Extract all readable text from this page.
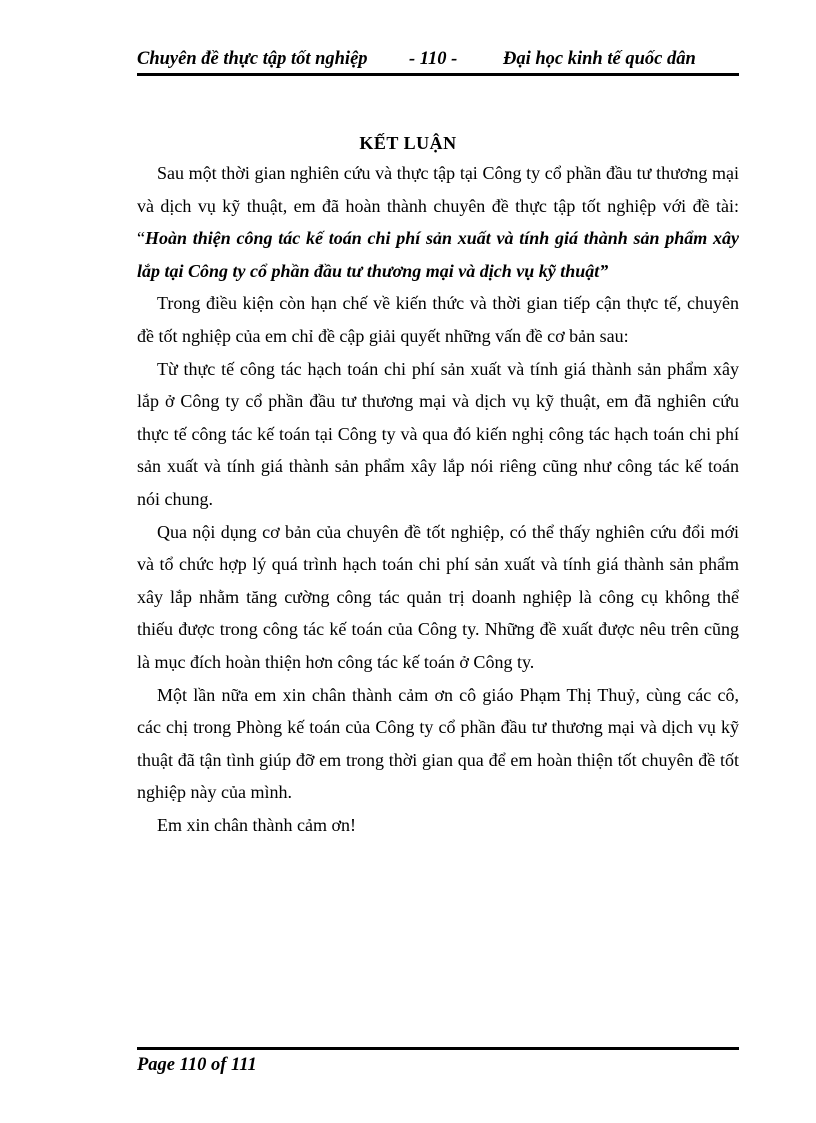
Chuyên đề thực tập tốt nghiệp - 110 - Đại học kinh tế quốc dân
KẾT LUẬN

Sau một thời gian nghiên cứu và thực tập tại Công ty cổ phần đầu tư thương mại và dịch vụ kỹ thuật, em đã hoàn thành chuyên đề thực tập tốt nghiệp với đề tài: “Hoàn thiện công tác kế toán chi phí sản xuất và tính giá thành sản phẩm xây lắp tại Công ty cổ phần đầu tư thương mại và dịch vụ kỹ thuật”

Trong điều kiện còn hạn chế về kiến thức và thời gian tiếp cận thực tế, chuyên đề tốt nghiệp của em chỉ đề cập giải quyết những vấn đề cơ bản sau:

Từ thực tế công tác hạch toán chi phí sản xuất và tính giá thành sản phẩm xây lắp ở Công ty cổ phần đầu tư thương mại và dịch vụ kỹ thuật, em đã nghiên cứu thực tế công tác kế toán tại Công ty và qua đó kiến nghị công tác hạch toán chi phí sản xuất và tính giá thành sản phẩm xây lắp nói riêng cũng như công tác kế toán nói chung.

Qua nội dụng cơ bản của chuyên đề tốt nghiệp, có thể thấy nghiên cứu đổi mới và tổ chức hợp lý quá trình hạch toán chi phí sản xuất và tính giá thành sản phẩm xây lắp nhằm tăng cường công tác quản trị doanh nghiệp là công cụ không thể thiếu được trong công tác kế toán của Công ty. Những đề xuất được nêu trên cũng là mục đích hoàn thiện hơn công tác kế toán ở Công ty.

Một lần nữa em xin chân thành cảm ơn cô giáo Phạm Thị Thuỷ, cùng các cô, các chị trong Phòng kế toán của Công ty cổ phần đầu tư thương mại và dịch vụ kỹ thuật đã tận tình giúp đỡ em trong thời gian qua để em hoàn thiện tốt chuyên đề tốt nghiệp này của mình.

Em xin chân thành cảm ơn!

Page 110 of 111
